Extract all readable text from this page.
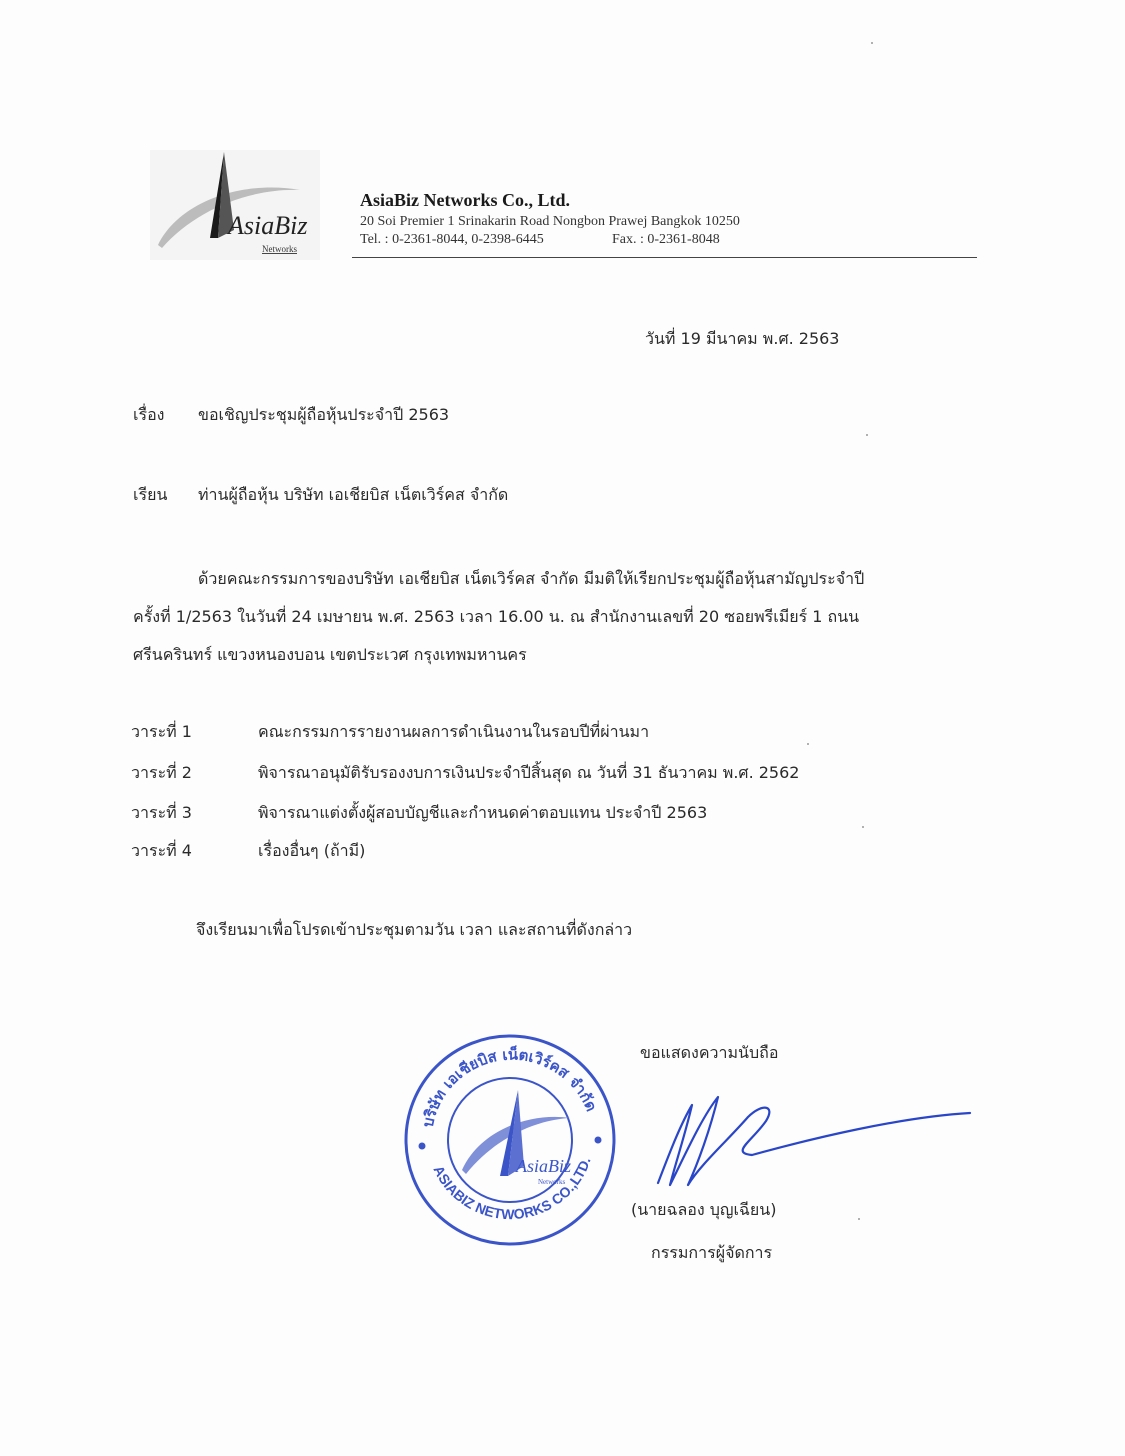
AsiaBiz
Networks
AsiaBiz Networks Co., Ltd.
20 Soi Premier 1 Srinakarin Road Nongbon Prawej Bangkok 10250
Tel. : 0-2361-8044, 0-2398-6445	Fax. : 0-2361-8048
วันที่ 19 มีนาคม พ.ศ. 2563
เรื่อง ขอเชิญประชุมผู้ถือหุ้นประจำปี 2563
เรียน ท่านผู้ถือหุ้น บริษัท เอเชียบิส เน็ตเวิร์คส จำกัด
ด้วยคณะกรรมการของบริษัท เอเชียบิส เน็ตเวิร์คส จำกัด มีมติให้เรียกประชุมผู้ถือหุ้นสามัญประจำปี
ครั้งที่ 1/2563 ในวันที่ 24 เมษายน พ.ศ. 2563 เวลา 16.00 น. ณ สำนักงานเลขที่ 20 ซอยพรีเมียร์ 1 ถนน
ศรีนครินทร์ แขวงหนองบอน เขตประเวศ กรุงเทพมหานคร
วาระที่ 1	คณะกรรมการรายงานผลการดำเนินงานในรอบปีที่ผ่านมา
วาระที่ 2	พิจารณาอนุมัติรับรองงบการเงินประจำปีสิ้นสุด ณ วันที่ 31 ธันวาคม พ.ศ. 2562
วาระที่ 3	พิจารณาแต่งตั้งผู้สอบบัญชีและกำหนดค่าตอบแทน ประจำปี 2563
วาระที่ 4	เรื่องอื่นๆ (ถ้ามี)
จึงเรียนมาเพื่อโปรดเข้าประชุมตามวัน เวลา และสถานที่ดังกล่าว
ขอแสดงความนับถือ
บริษัท เอเชียบิส เน็ตเวิร์คส จำกัด
ASIABIZ NETWORKS CO.,LTD.
AsiaBiz
Networks
(นายฉลอง บุญเฉียน)
กรรมการผู้จัดการ
